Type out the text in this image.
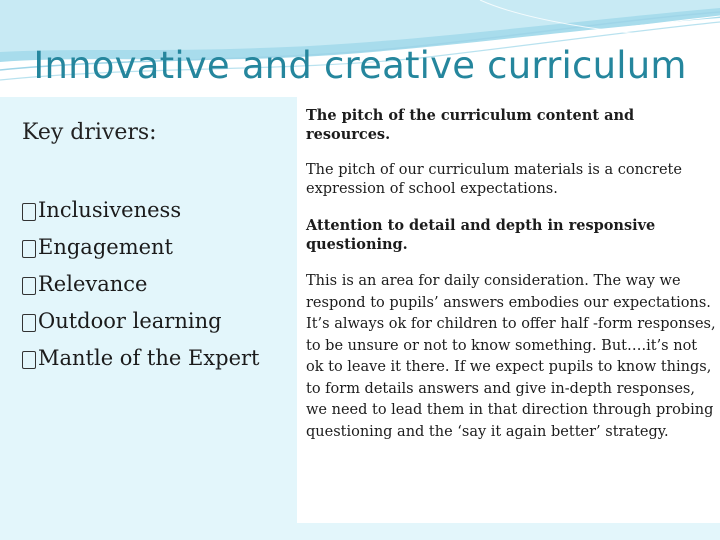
Innovative and creative curriculum
Key drivers:
Inclusiveness
Engagement
Relevance
Outdoor learning
Mantle of the Expert

The pitch of the curriculum content and resources.

The pitch of our curriculum materials is a concrete expression of school expectations.

Attention to detail and depth in responsive questioning.

This is an area for daily consideration. The way we respond to pupils’ answers embodies our expectations. It’s always ok for children to offer half -form responses, to be unsure or not to know something. But….it’s not ok to leave it there. If we expect pupils to know things, to form details answers and give in-depth responses, we need to lead them in that direction through probing questioning and the ‘say it again better’ strategy.
